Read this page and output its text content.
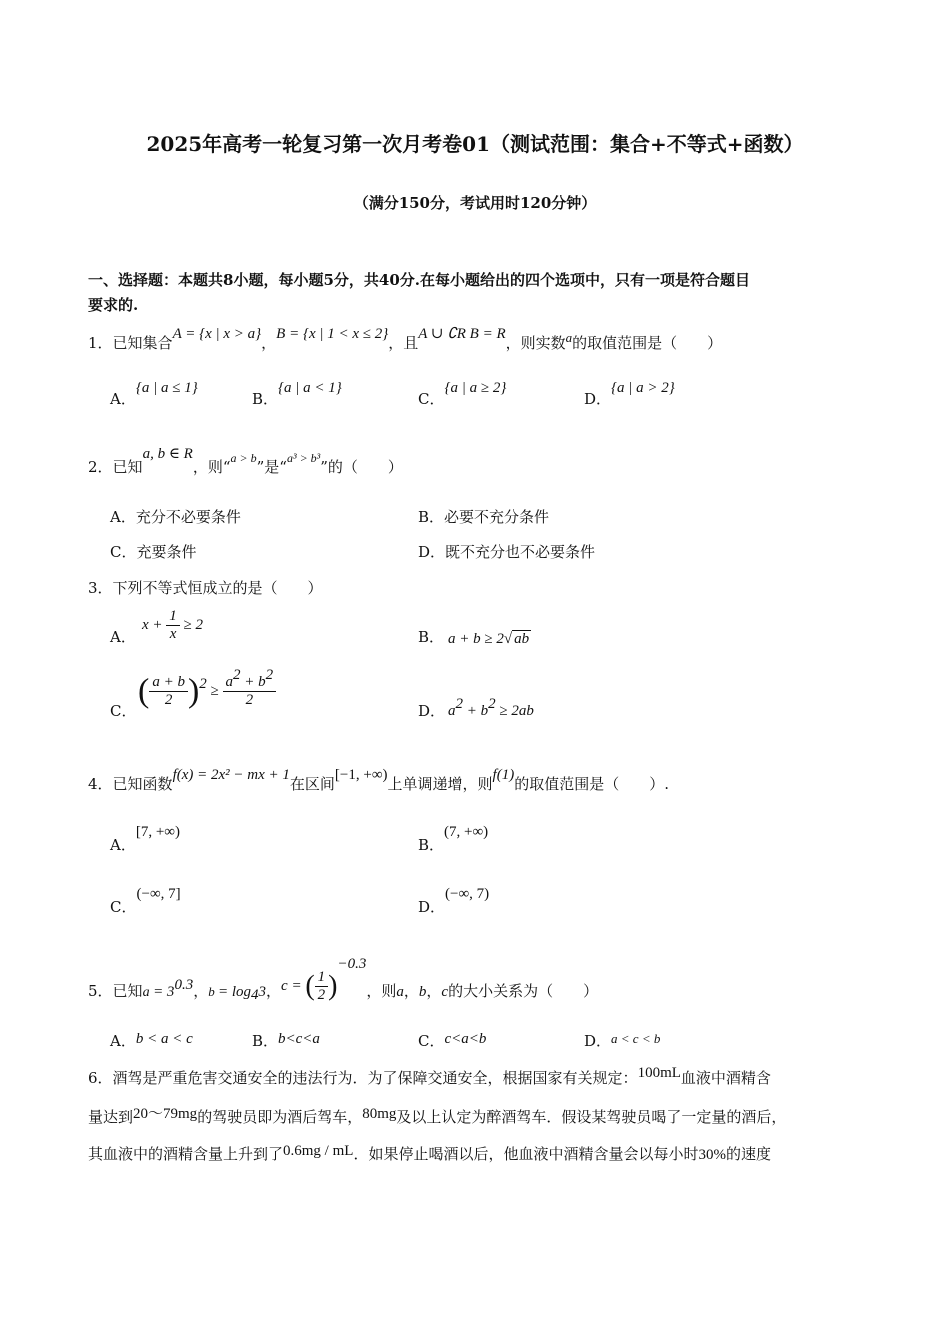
2025年高考一轮复习第一次月考卷01（测试范围：集合+不等式+函数）
（满分150分，考试用时120分钟）
一、选择题：本题共8小题，每小题5分，共40分.在每小题给出的四个选项中，只有一项是符合题目
要求的.
1．已知集合A = {x | x > a}，B = {x | 1 < x ≤ 2}，且A ∪ ∁R B = R，则实数a的取值范围是（　　）
A．{a | a ≤ 1}
B．{a | a < 1}
C．{a | a ≥ 2}
D．{a | a > 2}
2．已知a, b ∈ R，则“$^{a > b}$”是“$^{a^3 > b^3}$”的（　　）
A．充分不必要条件	B．必要不充分条件
C．充要条件	D．既不充分也不必要条件
3．下列不等式恒成立的是（　　）
A．
$x + \frac{1}{x} \ge 2$
B． a + b ≥ 2√ ab
C．
( $\frac{a + b}{2} )^2 \ge \frac{a^2 + b^2}{2}$
D． $a^2 + b^2 \ge 2ab$
4．已知函数f(x) = 2x² − mx + 1在区间[−1, +∞)上单调递增，则f(1)的取值范围是（　　）.
A．[7, +∞)
B．(7, +∞)
C．(−∞, 7]
D．(−∞, 7)
5．已知$a = 3^{0.3}$，$b = \log_43$，c = ( $\frac{1}{2} )^{-0.3}$，则a，b，c的大小关系为（　　）
A．b < a < c	B．b<c<a	C．c<a<b	D．a < c < b
6．酒驾是严重危害交通安全的违法行为．为了保障交通安全，根据国家有关规定：100mL血液中酒精含
量达到20～79mg的驾驶员即为酒后驾车，80mg及以上认定为醉酒驾车．假设某驾驶员喝了一定量的酒后，
其血液中的酒精含量上升到了0.6mg / mL．如果停止喝酒以后，他血液中酒精含量会以每小时30%的速度
